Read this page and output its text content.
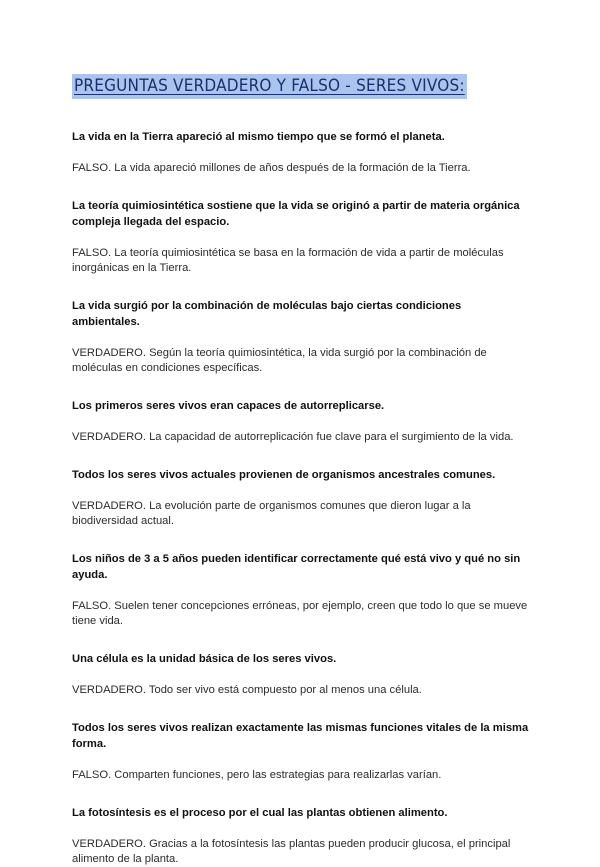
PREGUNTAS VERDADERO Y FALSO - SERES VIVOS:

La vida en la Tierra apareció al mismo tiempo que se formó el planeta.

FALSO. La vida apareció millones de años después de la formación de la Tierra.

La teoría quimiosintética sostiene que la vida se originó a partir de materia orgánica compleja llegada del espacio.

FALSO. La teoría quimiosintética se basa en la formación de vida a partir de moléculas inorgánicas en la Tierra.

La vida surgió por la combinación de moléculas bajo ciertas condiciones ambientales.

VERDADERO. Según la teoría quimiosintética, la vida surgió por la combinación de moléculas en condiciones específicas.

Los primeros seres vivos eran capaces de autorreplicarse.

VERDADERO. La capacidad de autorreplicación fue clave para el surgimiento de la vida.

Todos los seres vivos actuales provienen de organismos ancestrales comunes.

VERDADERO. La evolución parte de organismos comunes que dieron lugar a la biodiversidad actual.

Los niños de 3 a 5 años pueden identificar correctamente qué está vivo y qué no sin ayuda.

FALSO. Suelen tener concepciones erróneas, por ejemplo, creen que todo lo que se mueve tiene vida.

Una célula es la unidad básica de los seres vivos.

VERDADERO. Todo ser vivo está compuesto por al menos una célula.

Todos los seres vivos realizan exactamente las mismas funciones vitales de la misma forma.

FALSO. Comparten funciones, pero las estrategias para realizarlas varían.

La fotosíntesis es el proceso por el cual las plantas obtienen alimento.

VERDADERO. Gracias a la fotosíntesis las plantas pueden producir glucosa, el principal alimento de la planta.
